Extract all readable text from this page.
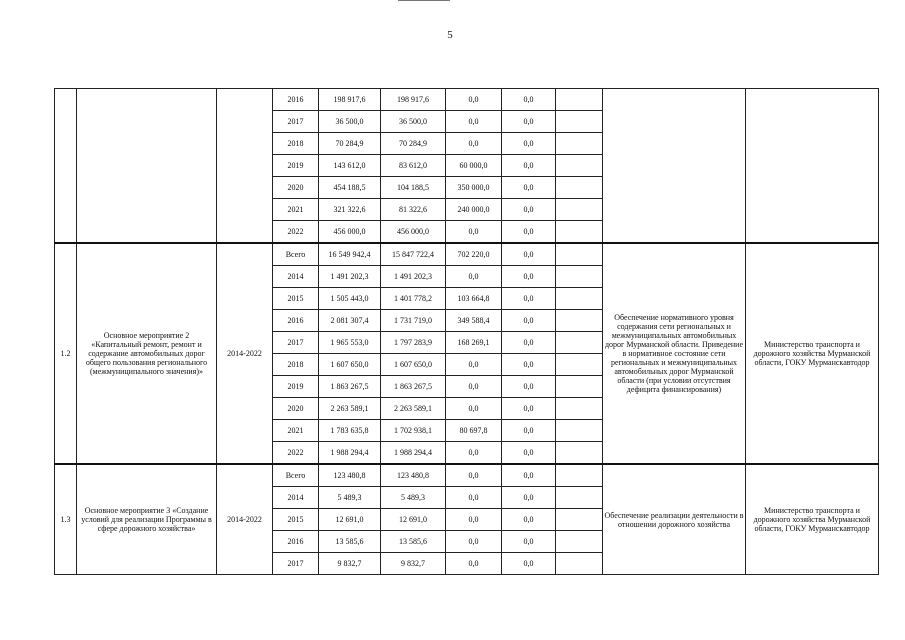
5
			2016	198 917,6	198 917,6	0,0	0,0			
			2017	36 500,0	36 500,0	0,0	0,0			
			2018	70 284,9	70 284,9	0,0	0,0			
			2019	143 612,0	83 612,0	60 000,0	0,0			
			2020	454 188,5	104 188,5	350 000,0	0,0			
			2021	321 322,6	81 322,6	240 000,0	0,0			
			2022	456 000,0	456 000,0	0,0	0,0			
1.2	Основное мероприятие 2 «Капитальный ремонт, ремонт и содержание автомобильных дорог общего пользования регионального (межмуниципального значения)»	2014-2022	Всего	16 549 942,4	15 847 722,4	702 220,0	0,0		Обеспечение нормативного уровня содержания сети региональных и межмуниципальных автомобильных дорог Мурманской области. Приведение в нормативное состояние сети региональных и межмуниципальных автомобильных дорог Мурманской области (при условии отсутствия дефицита финансирования)	Министерство транспорта и дорожного хозяйства Мурманской области, ГОКУ Мурманскавтодор
			2014	1 491 202,3	1 491 202,3	0,0	0,0			
			2015	1 505 443,0	1 401 778,2	103 664,8	0,0			
			2016	2 081 307,4	1 731 719,0	349 588,4	0,0			
			2017	1 965 553,0	1 797 283,9	168 269,1	0,0			
			2018	1 607 650,0	1 607 650,0	0,0	0,0			
			2019	1 863 267,5	1 863 267,5	0,0	0,0			
			2020	2 263 589,1	2 263 589,1	0,0	0,0			
			2021	1 783 635,8	1 702 938,1	80 697,8	0,0			
			2022	1 988 294,4	1 988 294,4	0,0	0,0			
1.3	Основное мероприятие 3 «Создание условий для реализации Программы в сфере дорожного хозяйства»	2014-2022	Всего	123 480,8	123 480,8	0,0	0,0		Обеспечение реализации деятельности в отношении дорожного хозяйства	Министерство транспорта и дорожного хозяйства Мурманской области, ГОКУ Мурманскавтодор
			2014	5 489,3	5 489,3	0,0	0,0			
			2015	12 691,0	12 691,0	0,0	0,0			
			2016	13 585,6	13 585,6	0,0	0,0			
			2017	9 832,7	9 832,7	0,0	0,0			
